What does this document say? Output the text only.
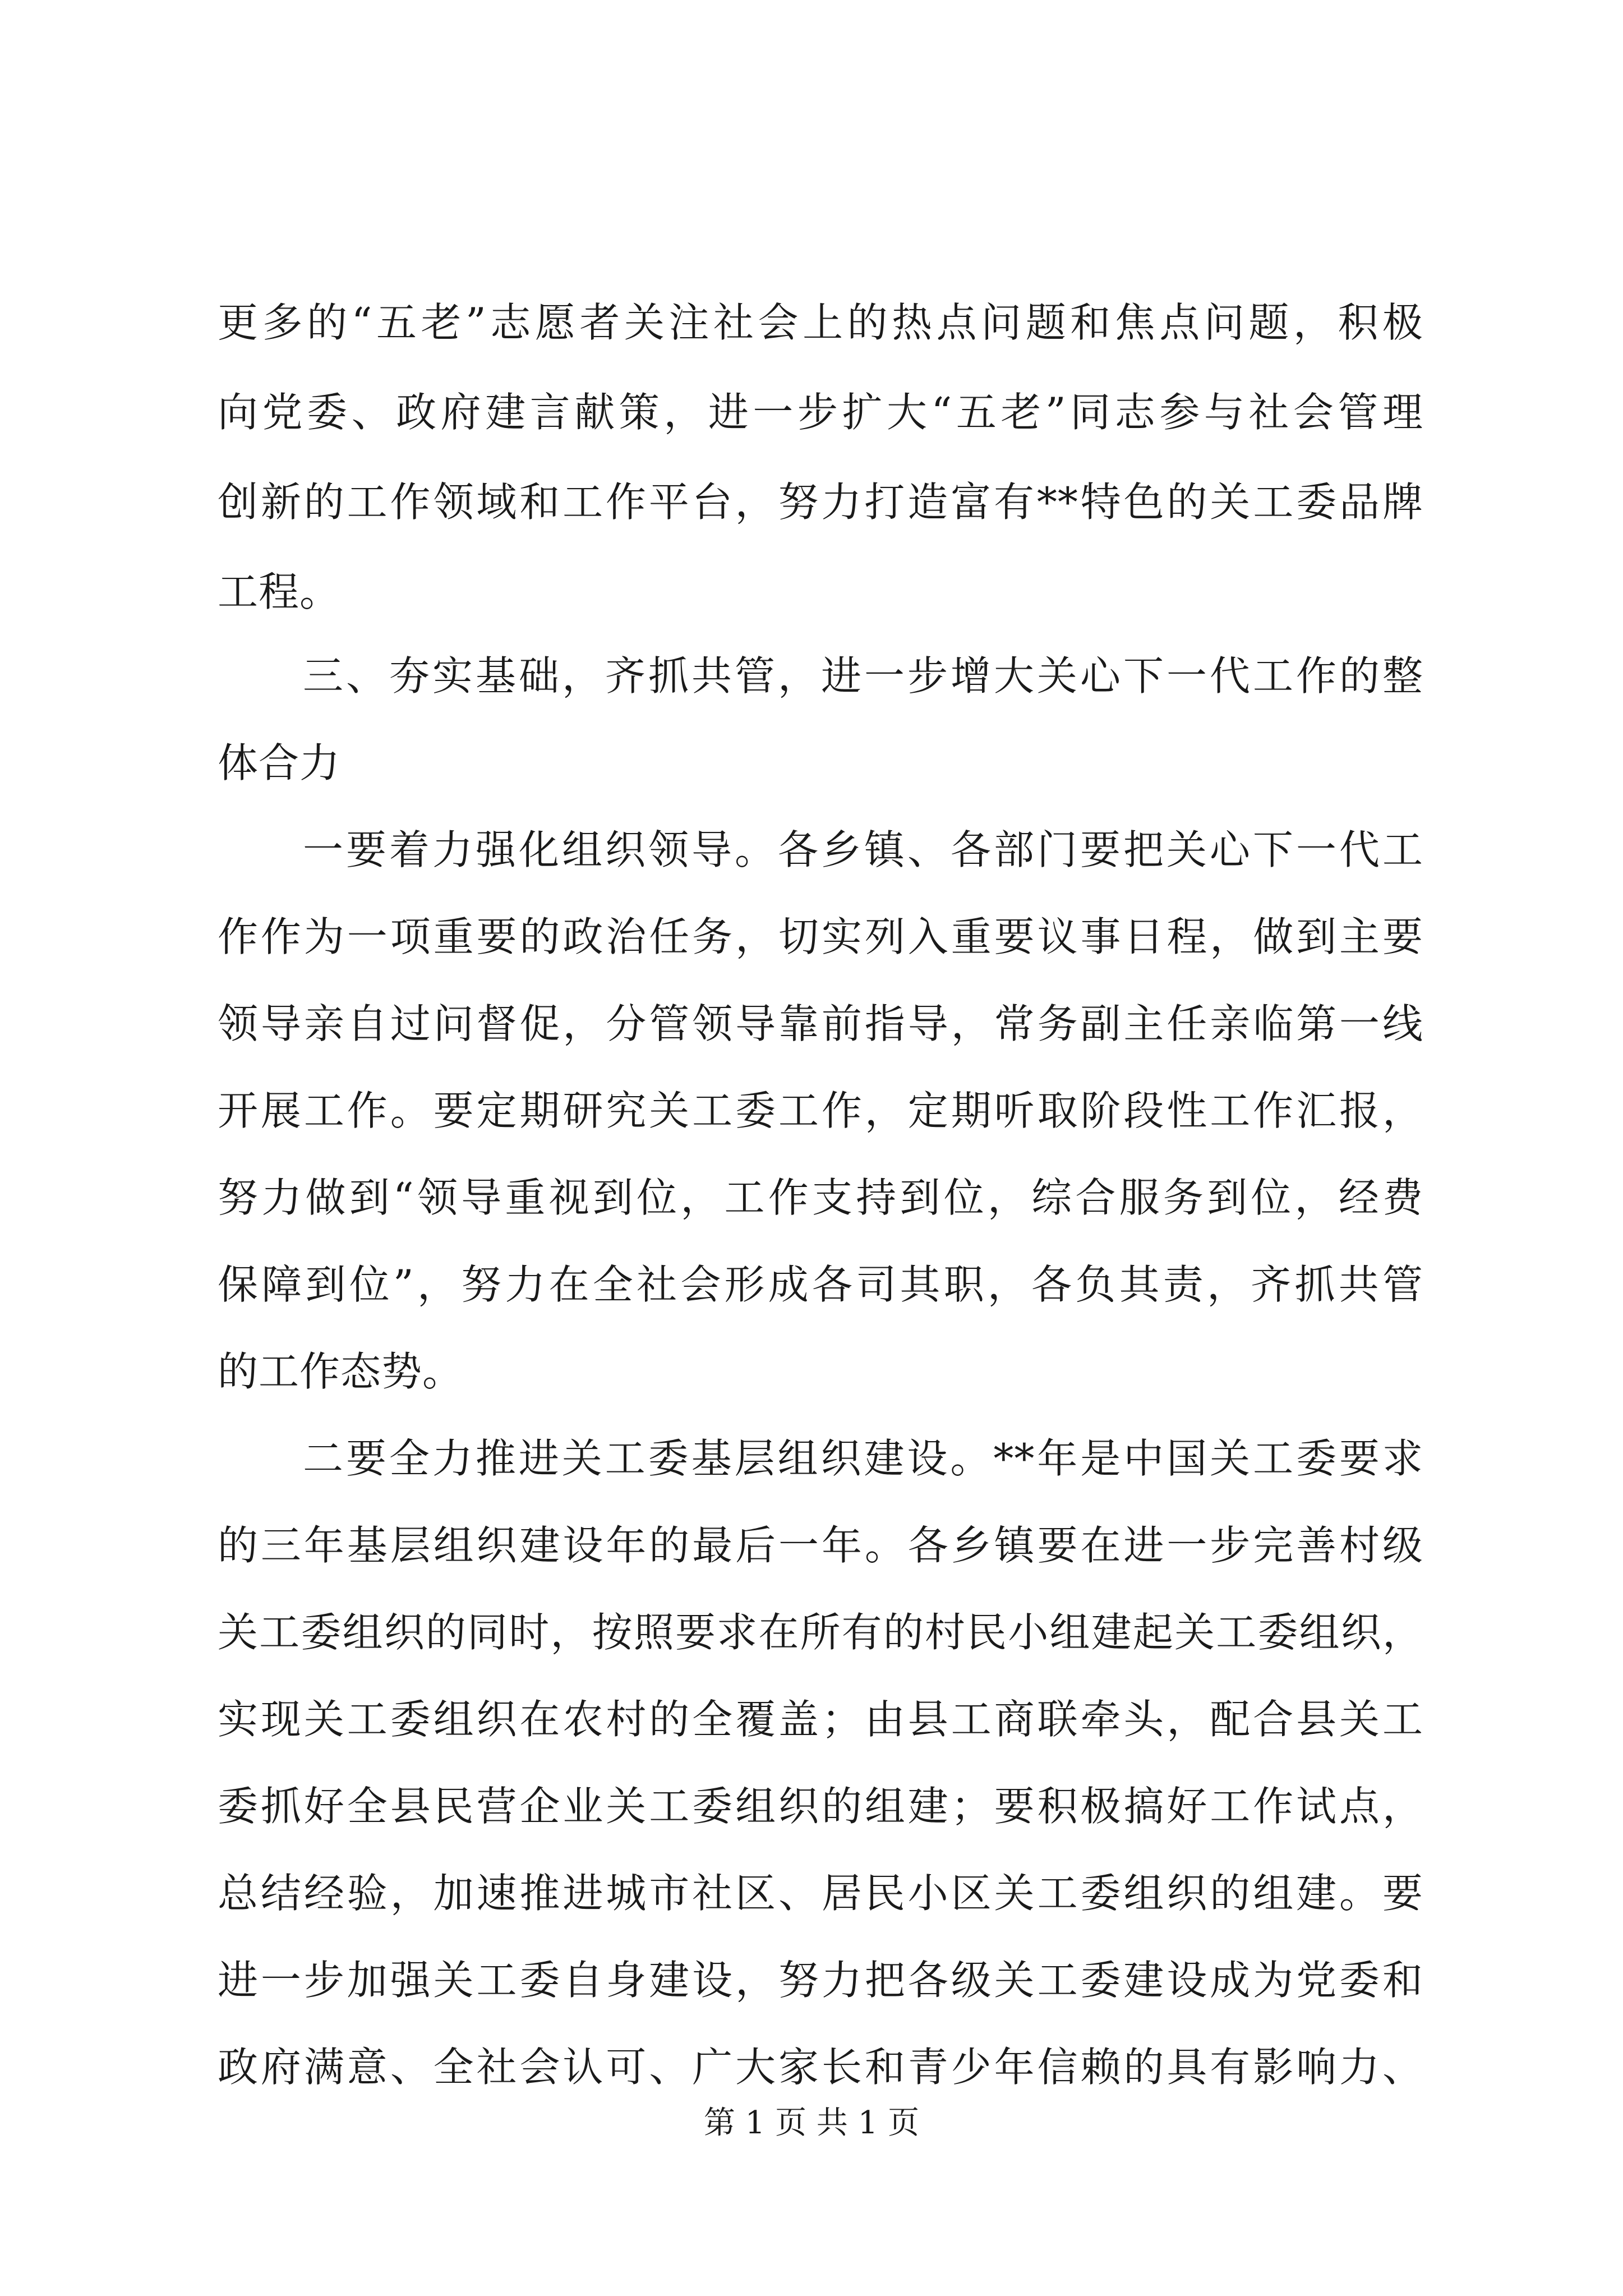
更多的“五老”志愿者关注社会上的热点问题和焦点问题，积极
向党委、政府建言献策，进一步扩大“五老”同志参与社会管理
创新的工作领域和工作平台，努力打造富有**特色的关工委品牌
工程。
三、夯实基础，齐抓共管，进一步增大关心下一代工作的整
体合力
一要着力强化组织领导。各乡镇、各部门要把关心下一代工
作作为一项重要的政治任务，切实列入重要议事日程，做到主要
领导亲自过问督促，分管领导靠前指导，常务副主任亲临第一线
开展工作。要定期研究关工委工作，定期听取阶段性工作汇报，
努力做到“领导重视到位，工作支持到位，综合服务到位，经费
保障到位”，努力在全社会形成各司其职，各负其责，齐抓共管
的工作态势。
二要全力推进关工委基层组织建设。**年是中国关工委要求
的三年基层组织建设年的最后一年。各乡镇要在进一步完善村级
关工委组织的同时，按照要求在所有的村民小组建起关工委组织，
实现关工委组织在农村的全覆盖；由县工商联牵头，配合县关工
委抓好全县民营企业关工委组织的组建；要积极搞好工作试点，
总结经验，加速推进城市社区、居民小区关工委组织的组建。要
进一步加强关工委自身建设，努力把各级关工委建设成为党委和
政府满意、全社会认可、广大家长和青少年信赖的具有影响力、
第 1 页 共 1 页
